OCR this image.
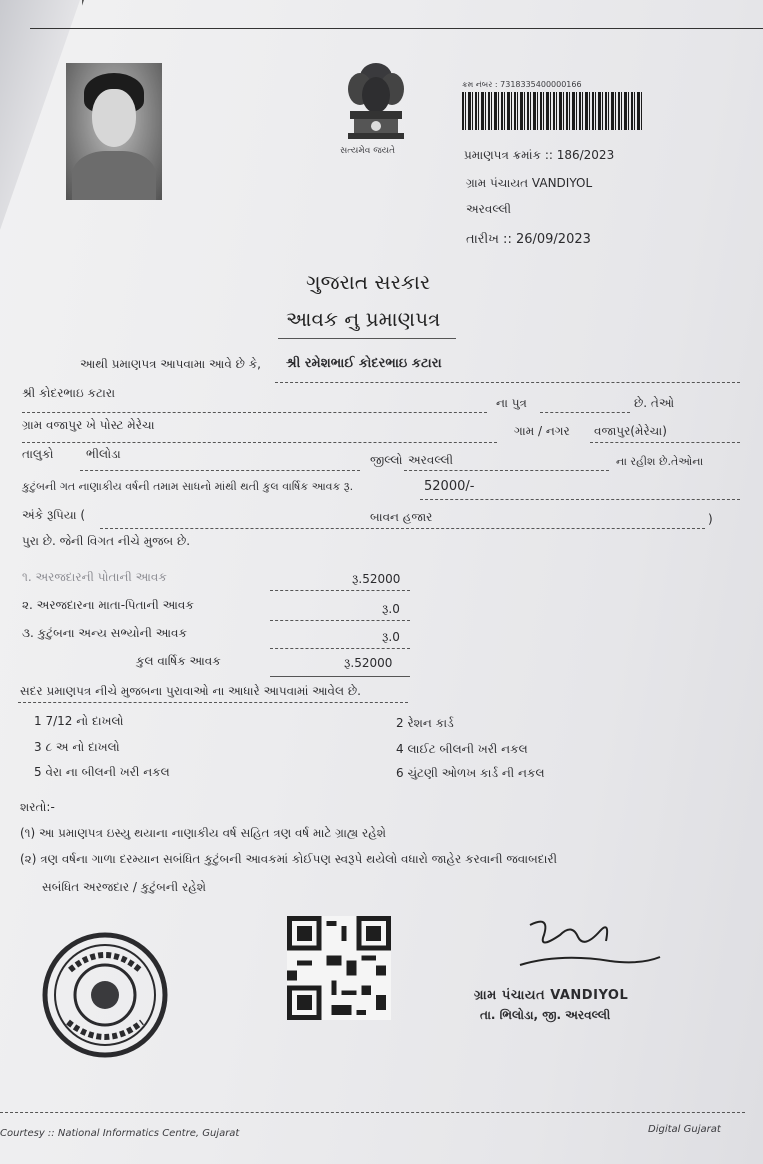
સત્યમેવ જયતે
ક્રમ નંબર : 7318335400000166
પ્રમાણપત્ર ક્રમાંક :: 186/2023
ગ્રામ પંચાયત VANDIYOL
અરવલ્લી
તારીખ :: 26/09/2023
ગુજરાત સરકાર
આવક નુ પ્રમાણપત્ર
આથી પ્રમાણપત્ર આપવામા આવે છે કે, શ્રી રમેશભાઈ કોદરભાઇ કટારા
શ્રી કોદરભાઇ કટારા
ના પુત્ર	છે. તેઓ
ગ્રામ વજાપુર ખે પોસ્ટ મેરેચા	ગામ / નગર વજાપુર(મેરેચા)
તાલુકો	ભીલોડા	જીલ્લો અરવલ્લી	ના રહીશ છે.તેઓના
કુટુંબની ગત નાણાકીય વર્ષની તમામ સાધનો માંથી થતી કુલ વાર્ષિક આવક રૂ.	52000/-
અંકે રૂપિયા (	બાવન હજાર	)
પુરા છે. જેની વિગત નીચે મુજબ છે.
૧. અરજદારની પોતાની આવક	રૂ.52000
૨. અરજદારના માતા-પિતાની આવક	રૂ.0
૩. કુટુંબના અન્ય સભ્યોની આવક	રૂ.0
કુલ વાર્ષિક આવક	રૂ.52000
સદર પ્રમાણપત્ર નીચે મુજબના પુરાવાઓ ના આધારે આપવામાં આવેલ છે.
1 7/12 નો દાખલો	2 રેશન કાર્ડ
3 ૮ અ નો દાખલો	4 લાઈટ બીલની ખરી નકલ
5 વેરા ના બીલની ખરી નકલ	6 ચુંટણી ઓળખ કાર્ડ ની નકલ
શરતો:-
(૧) આ પ્રમાણપત્ર ઇસ્યુ થયાના નાણાકીય વર્ષ સહિત ત્રણ વર્ષ માટે ગ્રાહ્ય રહેશે
(૨) ત્રણ વર્ષના ગાળા દરમ્યાન સબંધિત કુટુંબની આવકમાં કોઈપણ સ્વરૂપે થયેલો વધારો જાહેર કરવાની જવાબદારી
સબંધિત અરજદાર / કુટુંબની રહેશે
ગ્રામ પંચાયત VANDIYOL
તા. ભિલોડા, જી. અરવલ્લી
Courtesy :: National Informatics Centre, Gujarat	Digital Gujarat
